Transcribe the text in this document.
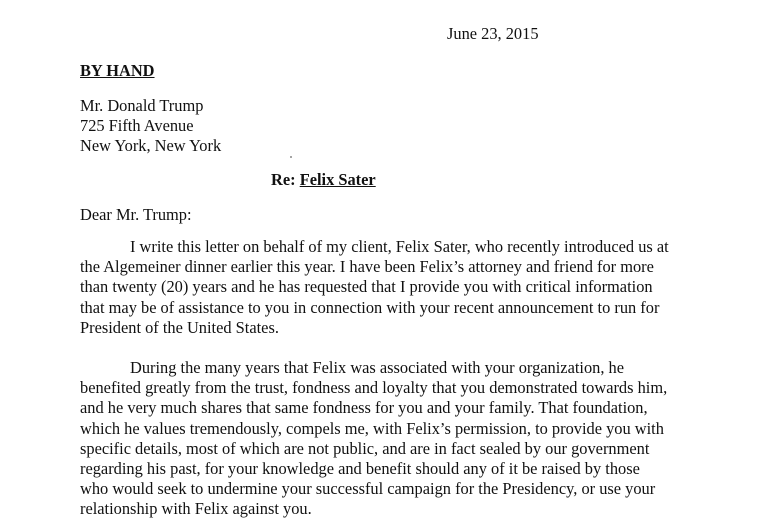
June 23, 2015
BY HAND
Mr. Donald Trump
725 Fifth Avenue
New York, New York
Re: Felix Sater
Dear Mr. Trump:
I write this letter on behalf of my client, Felix Sater, who recently introduced us at
the Algemeiner dinner earlier this year. I have been Felix’s attorney and friend for more
than twenty (20) years and he has requested that I provide you with critical information
that may be of assistance to you in connection with your recent announcement to run for
President of the United States.
During the many years that Felix was associated with your organization, he
benefited greatly from the trust, fondness and loyalty that you demonstrated towards him,
and he very much shares that same fondness for you and your family. That foundation,
which he values tremendously, compels me, with Felix’s permission, to provide you with
specific details, most of which are not public, and are in fact sealed by our government
regarding his past, for your knowledge and benefit should any of it be raised by those
who would seek to undermine your successful campaign for the Presidency, or use your
relationship with Felix against you.
